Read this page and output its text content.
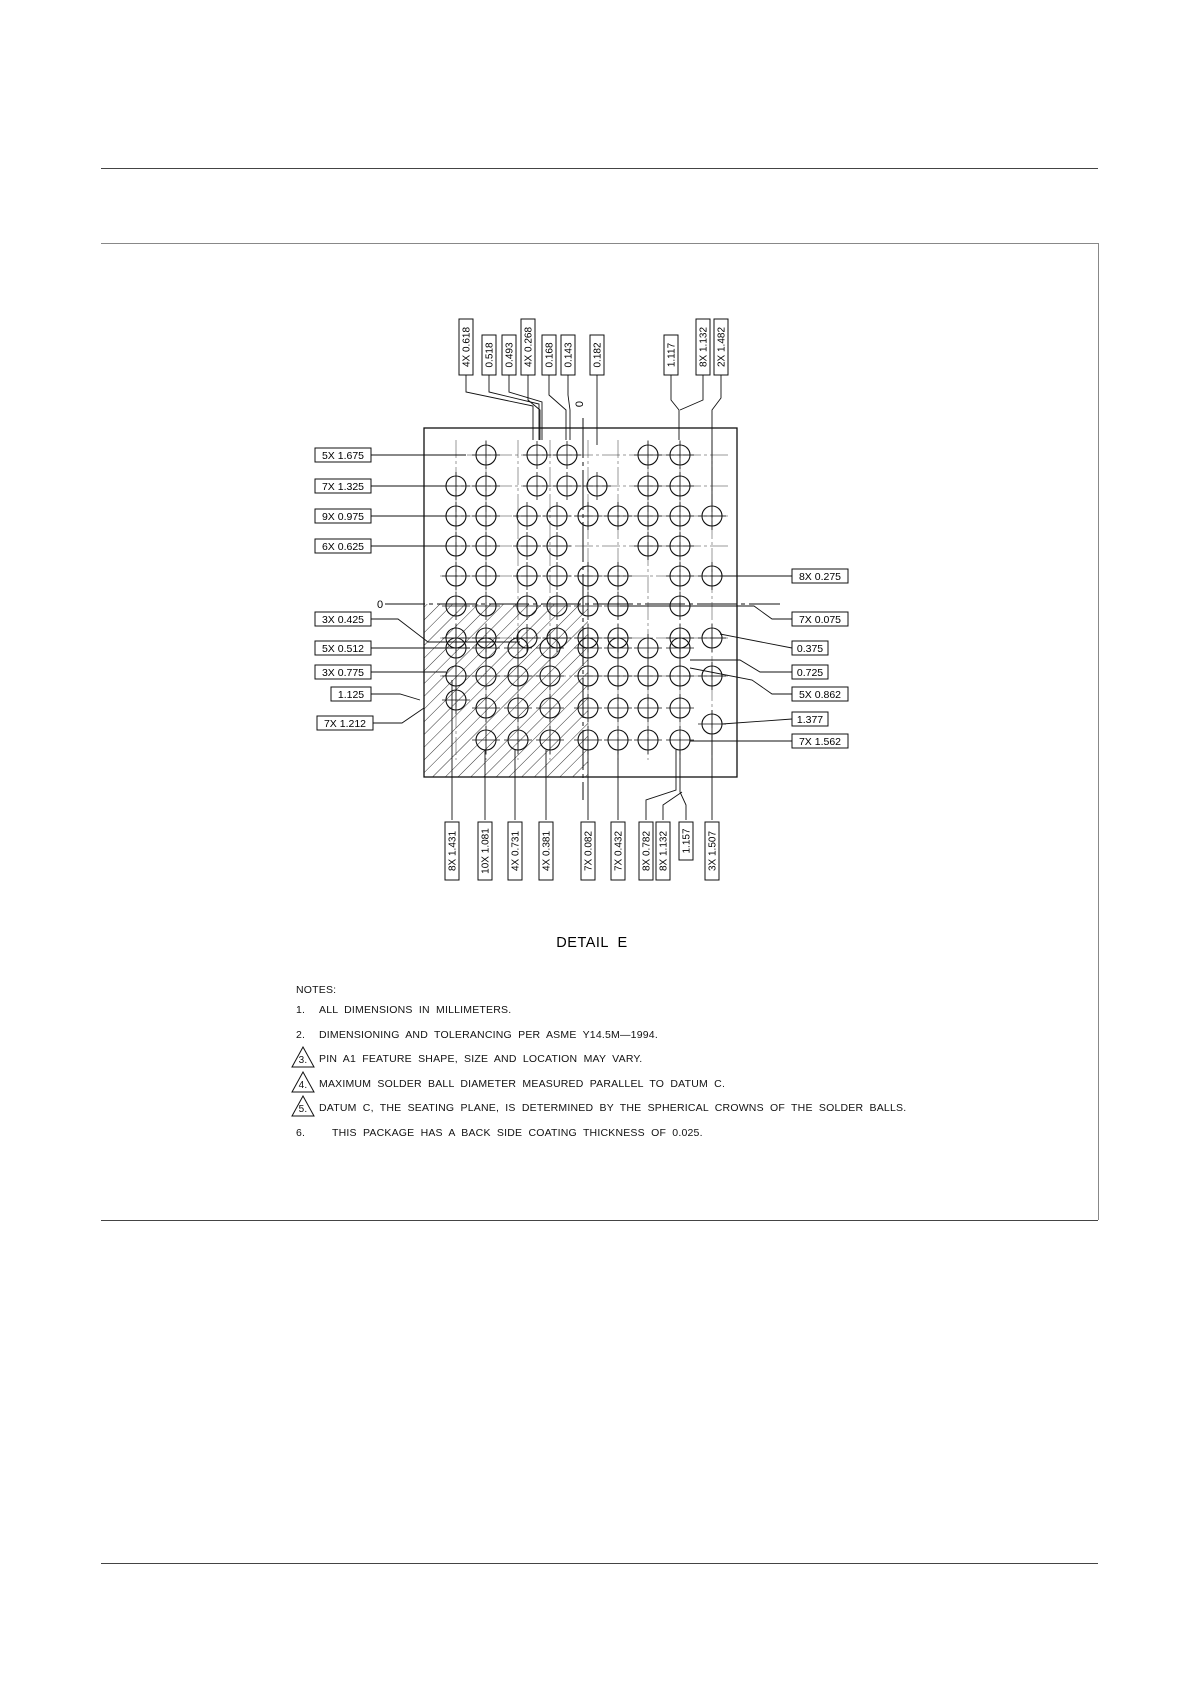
4X 0.618 0.518 0.493 4X 0.268 0.168 0.143 0.182	1.117 8X 1.132 2X 1.482
8X 1.431 10X 1.081 4X 0.731 4X 0.381	7X 0.082 7X 0.432 8X 0.782 8X 1.132 1.157 3X 1.507
5X 1.675
7X 1.325
9X 0.975
6X 0.625
3X 0.425
5X 0.512
3X 0.775
1.125
7X 1.212
8X 0.275
7X 0.075
0.375
0.725
5X 0.862
1.377
7X 1.562
0
0
DETAIL  E
NOTES:
1.	ALL  DIMENSIONS  IN  MILLIMETERS.
2.	DIMENSIONING  AND  TOLERANCING  PER  ASME  Y14.5M—1994.
3.	PIN  A1  FEATURE  SHAPE,  SIZE  AND  LOCATION  MAY  VARY.
4.	MAXIMUM  SOLDER  BALL  DIAMETER  MEASURED  PARALLEL  TO  DATUM  C.
5.	DATUM  C,  THE  SEATING  PLANE,  IS  DETERMINED  BY  THE  SPHERICAL  CROWNS  OF  THE  SOLDER  BALLS.
6.	THIS  PACKAGE  HAS  A  BACK  SIDE  COATING  THICKNESS  OF  0.025.
